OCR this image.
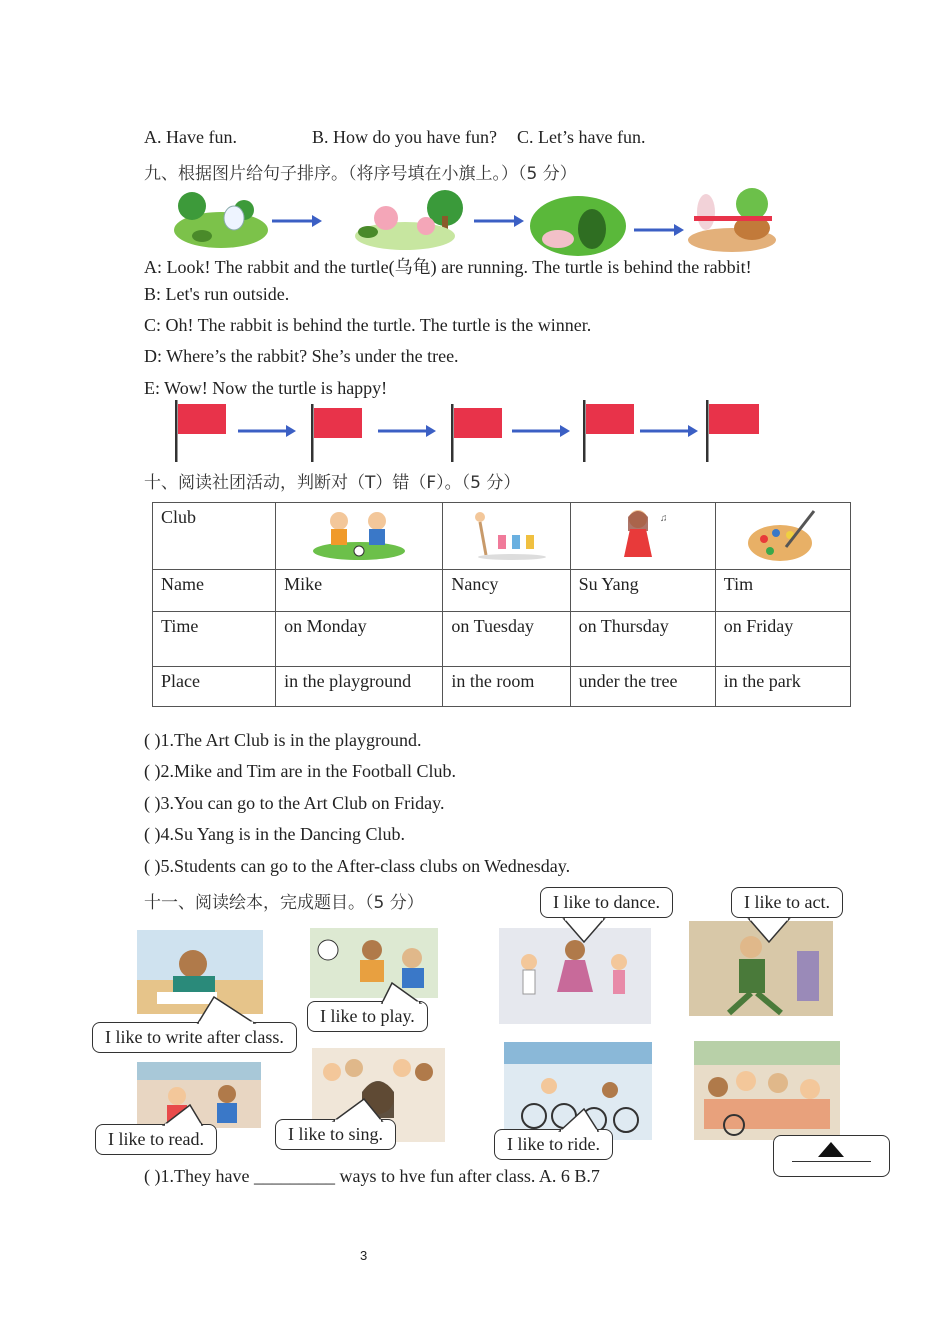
A. Have fun.	B. How do you have fun? C. Let’s have fun.
九、根据图片给句子排序。（将序号填在小旗上。）（5 分）
A: Look! The rabbit and the turtle(乌龟) are running. The turtle is behind the rabbit!
B: Let's run outside.
C: Oh! The rabbit is behind the turtle. The turtle is the winner.
D: Where’s the rabbit? She’s under the tree.
E: Wow! Now the turtle is happy!
十、阅读社团活动，判断对（T）错（F）。（5 分）
Club			♫

Name	Mike	Nancy	Su Yang	Tim
Time	on Monday	on Tuesday	on Thursday	on Friday
Place	in the playground	in the room	under the tree	in the park
( )1.The Art Club is in the playground.
( )2.Mike and Tim are in the Football Club.
( )3.You can go to the Art Club on Friday.
( )4.Su Yang is in the Dancing Club.
( )5.Students can go to the After-class clubs on Wednesday.
十一、阅读绘本，完成题目。（5 分）	I like to dance.	I like to act.
I like to play.
I like to write after class.
I like to read.	I like to sing.	I like to ride.
( )1.They have _________ ways to hve fun after class. A. 6 B.7
3
